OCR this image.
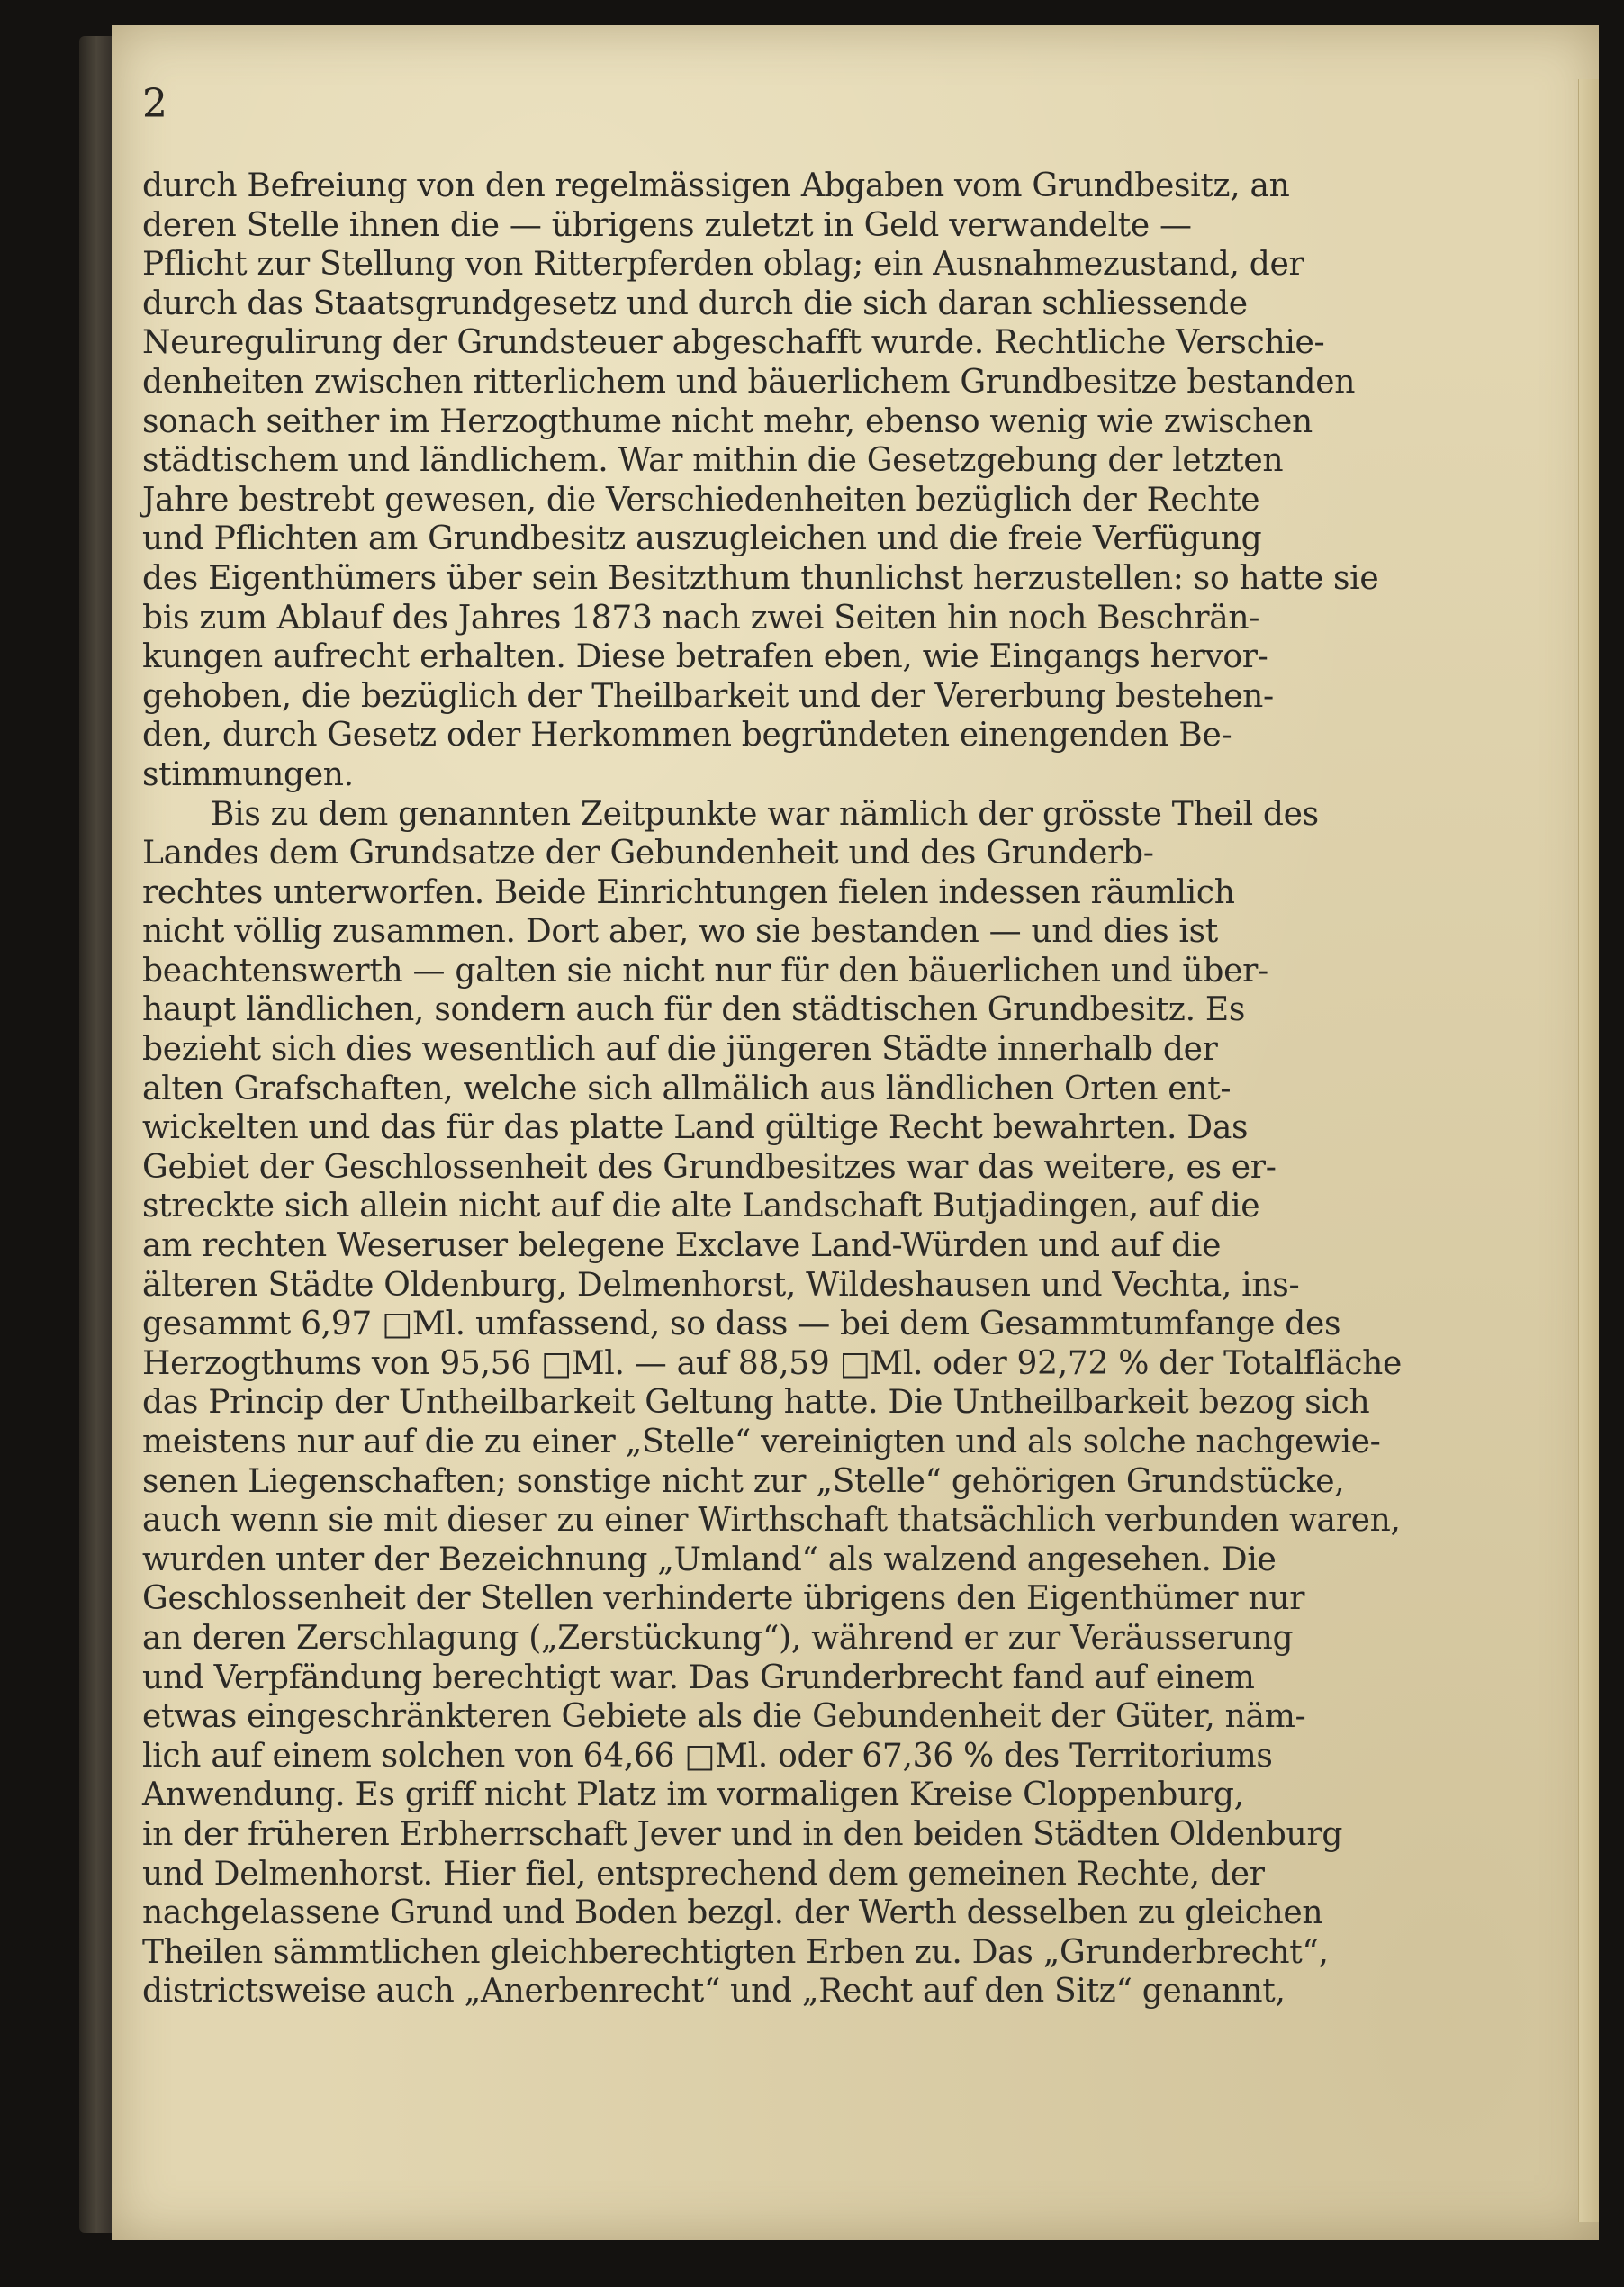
2
durch Befreiung von den regelmässigen Abgaben vom Grundbesitz, an
deren Stelle ihnen die — übrigens zuletzt in Geld verwandelte —
Pflicht zur Stellung von Ritterpferden oblag; ein Ausnahmezustand, der
durch das Staatsgrundgesetz und durch die sich daran schliessende
Neuregulirung der Grundsteuer abgeschafft wurde. Rechtliche Verschie-
denheiten zwischen ritterlichem und bäuerlichem Grundbesitze bestanden
sonach seither im Herzogthume nicht mehr, ebenso wenig wie zwischen
städtischem und ländlichem. War mithin die Gesetzgebung der letzten
Jahre bestrebt gewesen, die Verschiedenheiten bezüglich der Rechte
und Pflichten am Grundbesitz auszugleichen und die freie Verfügung
des Eigenthümers über sein Besitzthum thunlichst herzustellen: so hatte sie
bis zum Ablauf des Jahres 1873 nach zwei Seiten hin noch Beschrän-
kungen aufrecht erhalten. Diese betrafen eben, wie Eingangs hervor-
gehoben, die bezüglich der Theilbarkeit und der Vererbung bestehen-
den, durch Gesetz oder Herkommen begründeten einengenden Be-
stimmungen.
Bis zu dem genannten Zeitpunkte war nämlich der grösste Theil des
Landes dem Grundsatze der Gebundenheit und des Grunderb-
rechtes unterworfen. Beide Einrichtungen fielen indessen räumlich
nicht völlig zusammen. Dort aber, wo sie bestanden — und dies ist
beachtenswerth — galten sie nicht nur für den bäuerlichen und über-
haupt ländlichen, sondern auch für den städtischen Grundbesitz. Es
bezieht sich dies wesentlich auf die jüngeren Städte innerhalb der
alten Grafschaften, welche sich allmälich aus ländlichen Orten ent-
wickelten und das für das platte Land gültige Recht bewahrten. Das
Gebiet der Geschlossenheit des Grundbesitzes war das weitere, es er-
streckte sich allein nicht auf die alte Landschaft Butjadingen, auf die
am rechten Weseruser belegene Exclave Land-Würden und auf die
älteren Städte Oldenburg, Delmenhorst, Wildeshausen und Vechta, ins-
gesammt 6,97 □Ml. umfassend, so dass — bei dem Gesammtumfange des
Herzogthums von 95,56 □Ml. — auf 88,59 □Ml. oder 92,72 % der Totalfläche
das Princip der Untheilbarkeit Geltung hatte. Die Untheilbarkeit bezog sich
meistens nur auf die zu einer „Stelle“ vereinigten und als solche nachgewie-
senen Liegenschaften; sonstige nicht zur „Stelle“ gehörigen Grundstücke,
auch wenn sie mit dieser zu einer Wirthschaft thatsächlich verbunden waren,
wurden unter der Bezeichnung „Umland“ als walzend angesehen. Die
Geschlossenheit der Stellen verhinderte übrigens den Eigenthümer nur
an deren Zerschlagung („Zerstückung“), während er zur Veräusserung
und Verpfändung berechtigt war. Das Grunderbrecht fand auf einem
etwas eingeschränkteren Gebiete als die Gebundenheit der Güter, näm-
lich auf einem solchen von 64,66 □Ml. oder 67,36 % des Territoriums
Anwendung. Es griff nicht Platz im vormaligen Kreise Cloppenburg,
in der früheren Erbherrschaft Jever und in den beiden Städten Oldenburg
und Delmenhorst. Hier fiel, entsprechend dem gemeinen Rechte, der
nachgelassene Grund und Boden bezgl. der Werth desselben zu gleichen
Theilen sämmtlichen gleichberechtigten Erben zu. Das „Grunderbrecht“,
districtsweise auch „Anerbenrecht“ und „Recht auf den Sitz“ genannt,
